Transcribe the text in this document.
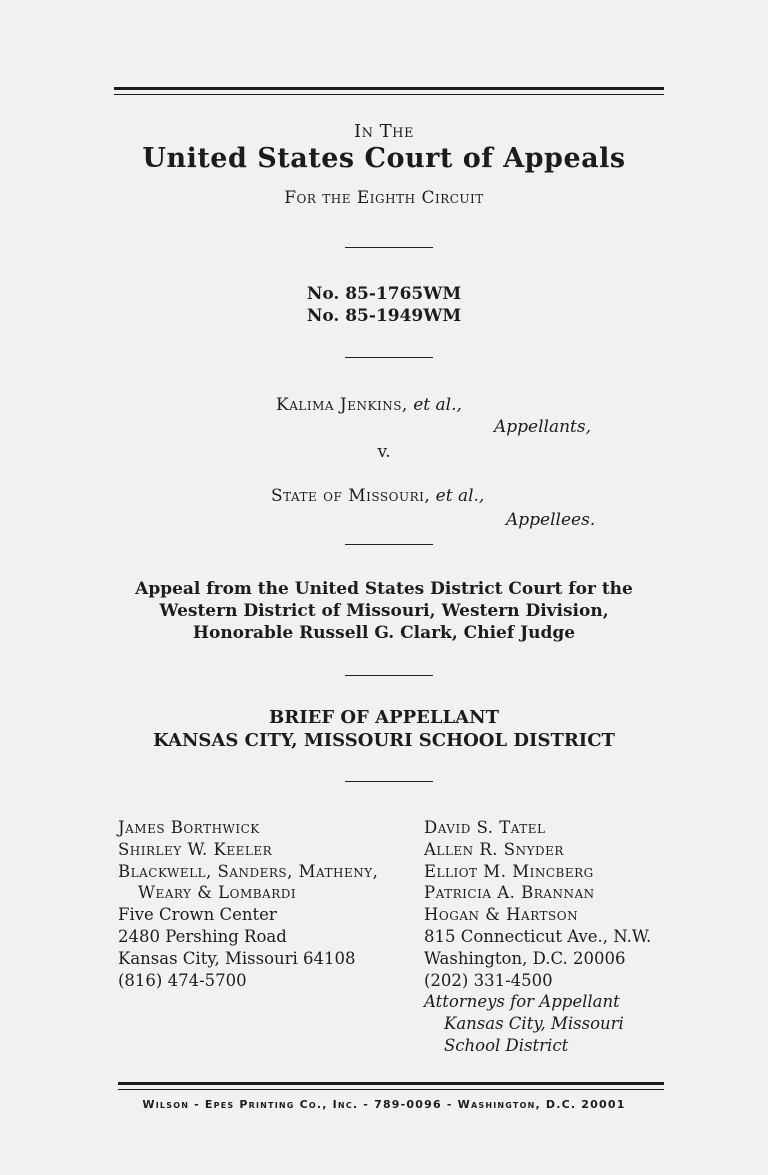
In The
United States Court of Appeals
For the Eighth Circuit
No. 85-1765WM
No. 85-1949WM
Kalima Jenkins, et al.,
Appellants,
v.
State of Missouri, et al.,
Appellees.
Appeal from the United States District Court for the
Western District of Missouri, Western Division,
Honorable Russell G. Clark, Chief Judge
BRIEF OF APPELLANT
KANSAS CITY, MISSOURI SCHOOL DISTRICT
James Borthwick
Shirley W. Keeler
Blackwell, Sanders, Matheny,
Weary & Lombardi
Five Crown Center
2480 Pershing Road
Kansas City, Missouri 64108
(816) 474-5700
David S. Tatel
Allen R. Snyder
Elliot M. Mincberg
Patricia A. Brannan
Hogan & Hartson
815 Connecticut Ave., N.W.
Washington, D.C. 20006
(202) 331-4500
Attorneys for Appellant
Kansas City, Missouri
School District
Wilson - Epes Printing Co., Inc. - 789-0096 - Washington, D.C. 20001
